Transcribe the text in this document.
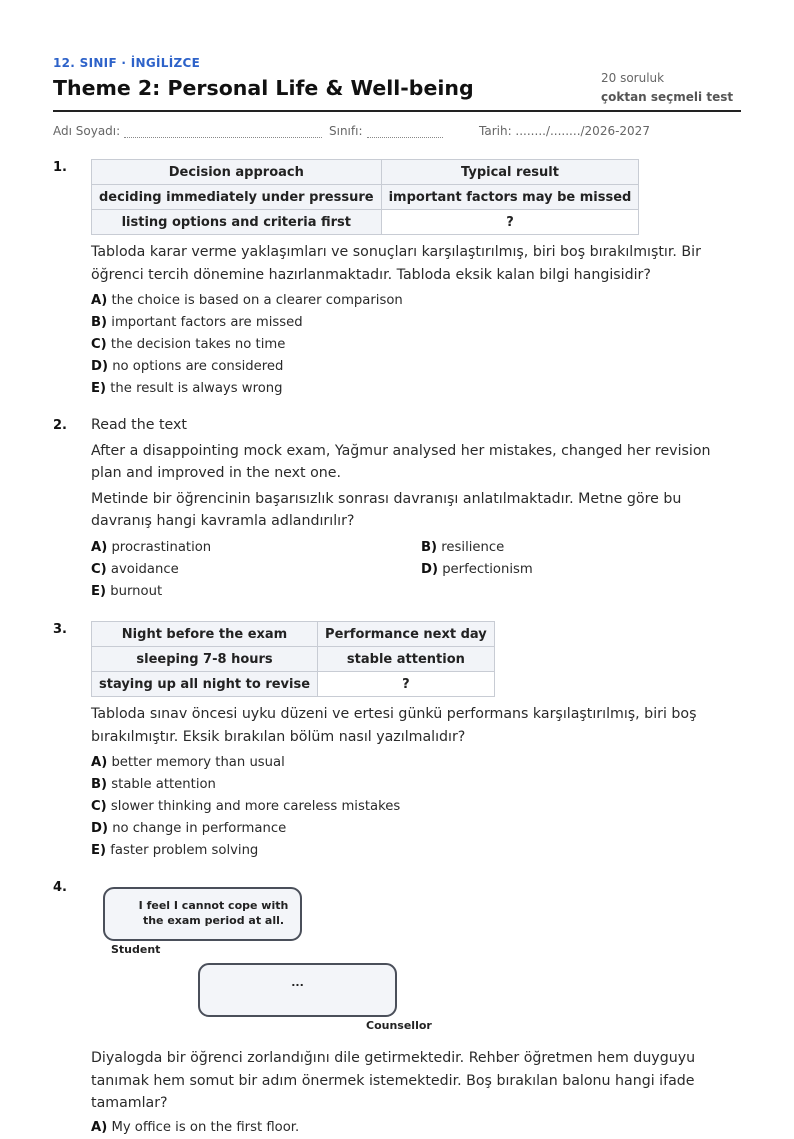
12. SINIF · İNGİLİZCE
Theme 2: Personal Life & Well-being	20 soruluk
çoktan seçmeli test
Adı Soyadı:	Sınıfı:	Tarih: ......../......../2026-2027
1.	Decision approach	Typical result
deciding immediately under pressure	important factors may be missed
listing options and criteria first	?

Tabloda karar verme yaklaşımları ve sonuçları karşılaştırılmış, biri boş bırakılmıştır. Bir öğrenci tercih dönemine hazırlanmaktadır. Tabloda eksik kalan bilgi hangisidir?

A) the choice is based on a clearer comparison
B) important factors are missed
C) the decision takes no time
D) no options are considered
E) the result is always wrong
2. Read the text

After a disappointing mock exam, Yağmur analysed her mistakes, changed her revision plan and improved in the next one.

Metinde bir öğrencinin başarısızlık sonrası davranışı anlatılmaktadır. Metne göre bu davranış hangi kavramla adlandırılır?

A) procrastination	B) resilience
C) avoidance	D) perfectionism
E) burnout
3.	Night before the exam	Performance next day
sleeping 7-8 hours	stable attention
staying up all night to revise	?

Tabloda sınav öncesi uyku düzeni ve ertesi günkü performans karşılaştırılmış, biri boş bırakılmıştır. Eksik bırakılan bölüm nasıl yazılmalıdır?

A) better memory than usual
B) stable attention
C) slower thinking and more careless mistakes
D) no change in performance
E) faster problem solving
4.
I feel I cannot cope with the exam period at all.
Student
...
Counsellor

Diyalogda bir öğrenci zorlandığını dile getirmektedir. Rehber öğretmen hem duyguyu tanımak hem somut bir adım önermek istemektedir. Boş bırakılan balonu hangi ifade tamamlar?

A) My office is on the first floor.
